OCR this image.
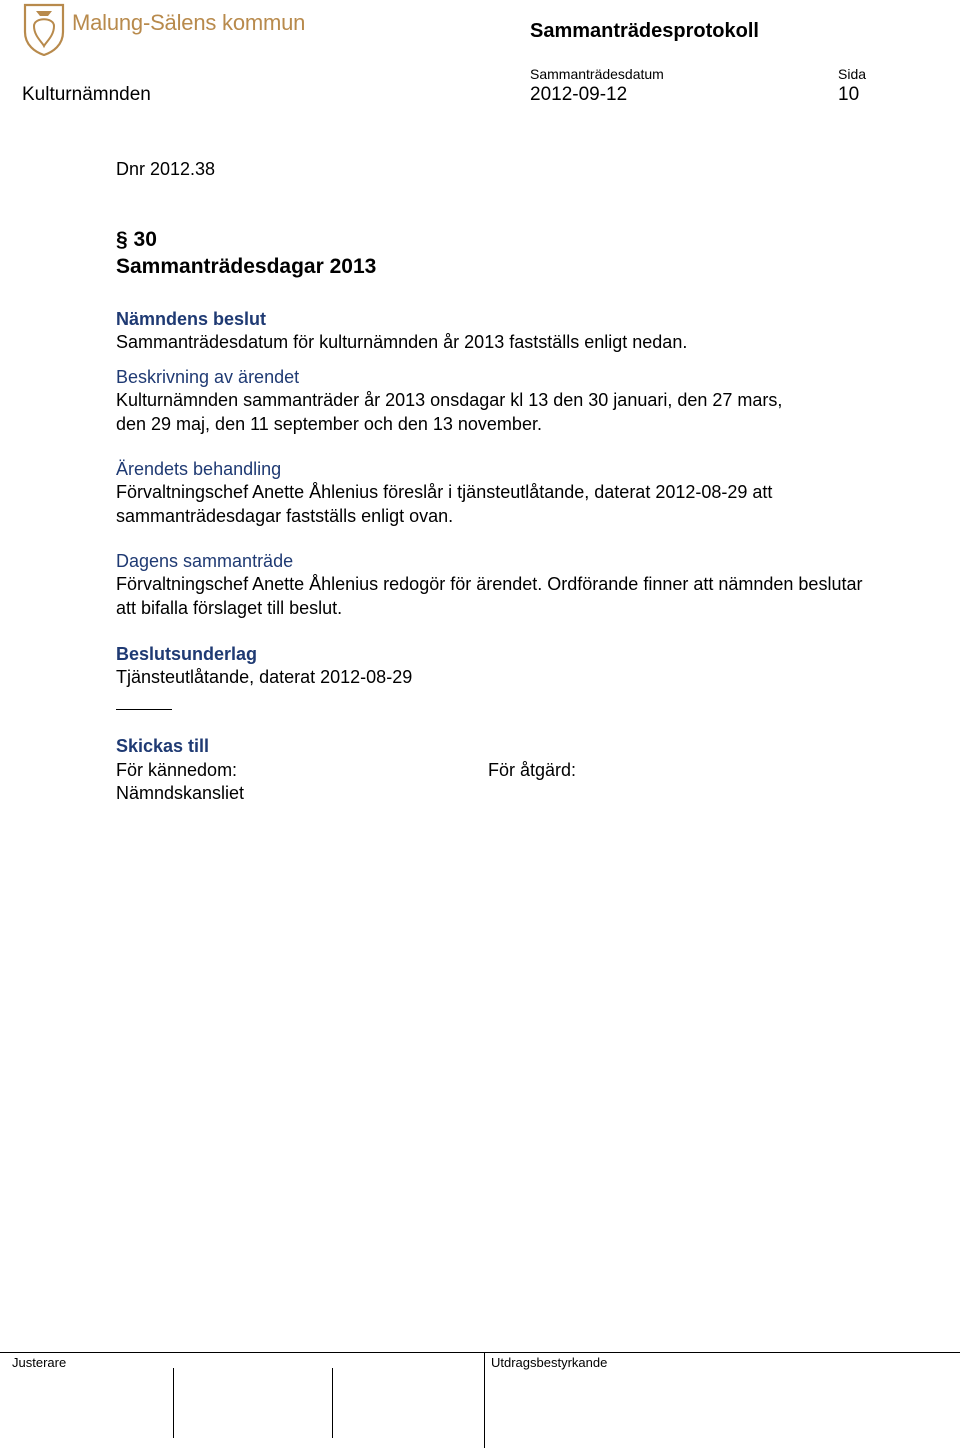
Malung-Sälens kommun	Sammanträdesprotokoll
Sammanträdesdatum	Sida
Kulturnämnden	2012-09-12	10
Dnr 2012.38
§ 30
Sammanträdesdagar 2013
Nämndens beslut
Sammanträdesdatum för kulturnämnden år 2013 fastställs enligt nedan.
Beskrivning av ärendet
Kulturnämnden sammanträder år 2013 onsdagar kl 13 den 30 januari, den 27 mars, den 29 maj, den 11 september och den 13 november.
Ärendets behandling
Förvaltningschef Anette Åhlenius föreslår i tjänsteutlåtande, daterat 2012-08-29 att sammanträdesdagar fastställs enligt ovan.
Dagens sammanträde
Förvaltningschef Anette Åhlenius redogör för ärendet. Ordförande finner att nämnden beslutar att bifalla förslaget till beslut.
Beslutsunderlag
Tjänsteutlåtande, daterat 2012-08-29
Skickas till
För kännedom:	För åtgärd:
Nämndskansliet
Justerare	Utdragsbestyrkande
